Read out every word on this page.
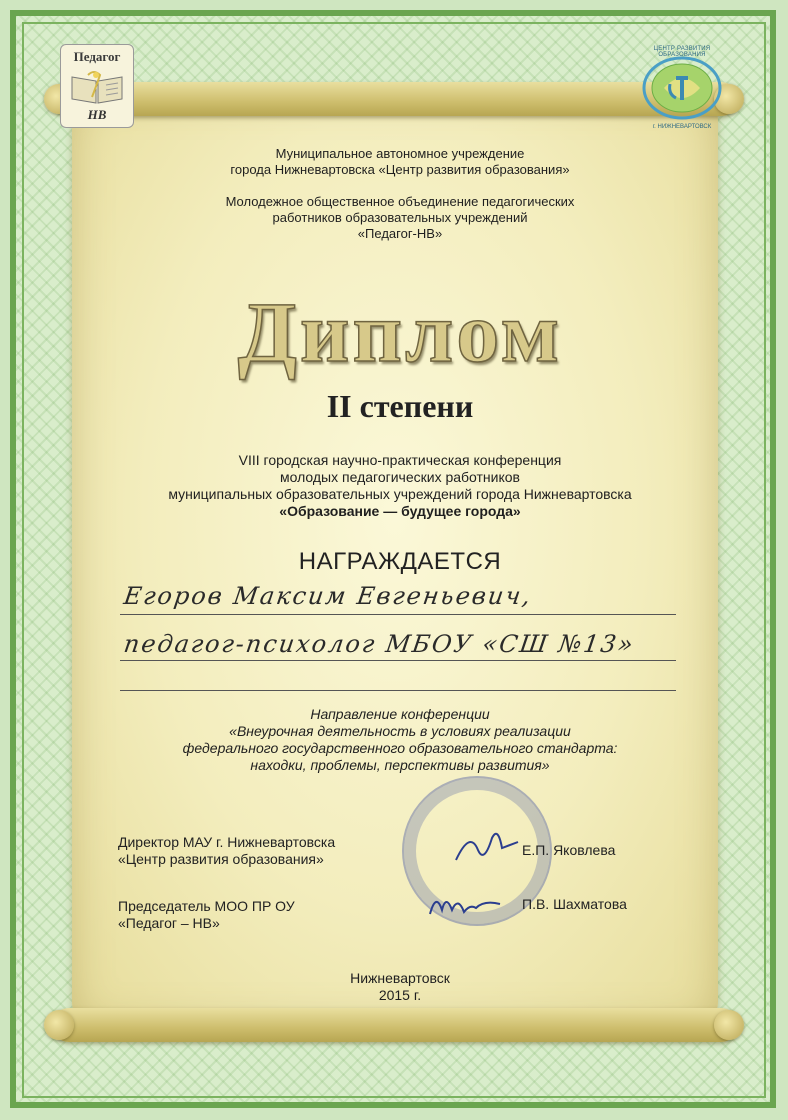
Педагог
НВ
ЦЕНТР РАЗВИТИЯ ОБРАЗОВАНИЯ
г. НИЖНЕВАРТОВСК
Муниципальное автономное учреждение
города Нижневартовска «Центр развития образования»
Молодежное общественное объединение педагогических
работников образовательных учреждений
«Педагог-НВ»
Диплом
II степени
VIII городская научно-практическая конференция
молодых педагогических работников
муниципальных образовательных учреждений города Нижневартовска
«Образование — будущее города»
НАГРАЖДАЕТСЯ
Егоров Максим Евгеньевич,
педагог-психолог МБОУ «СШ №13»
Направление конференции
«Внеурочная деятельность в условиях реализации
федерального государственного образовательного стандарта:
находки, проблемы, перспективы развития»
Директор МАУ г. Нижневартовска
«Центр развития образования»
Е.П. Яковлева
Председатель МОО ПР ОУ
«Педагог – НВ»
П.В. Шахматова
Нижневартовск
2015 г.
